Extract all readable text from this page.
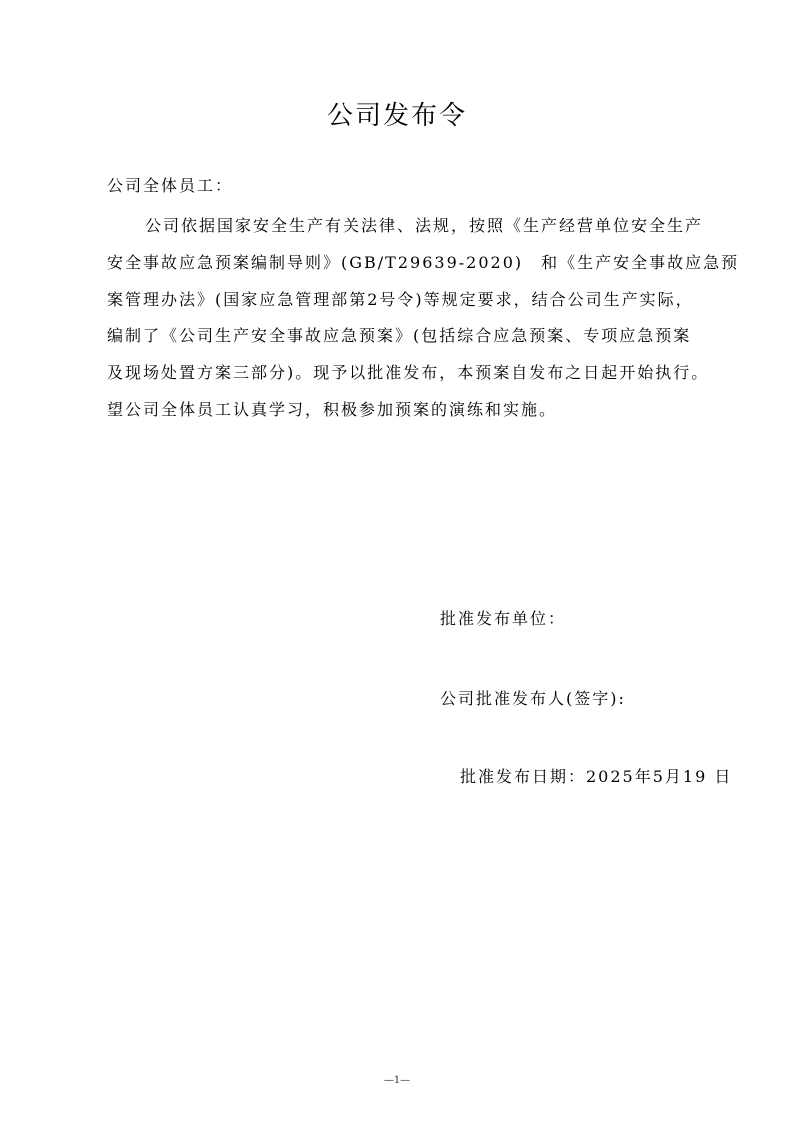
公司发布令
公司全体员工：
公司依据国家安全生产有关法律、法规，按照《生产经营单位安全生产
安全事故应急预案编制导则》(GB/T29639-2020)　和《生产安全事故应急预
案管理办法》(国家应急管理部第2号令)等规定要求，结合公司生产实际，
编制了《公司生产安全事故应急预案》(包括综合应急预案、专项应急预案
及现场处置方案三部分)。现予以批准发布，本预案自发布之日起开始执行。
望公司全体员工认真学习，积极参加预案的演练和实施。
批准发布单位：
公司批准发布人(签字):
批准发布日期：2025年5月19 日
—1—
